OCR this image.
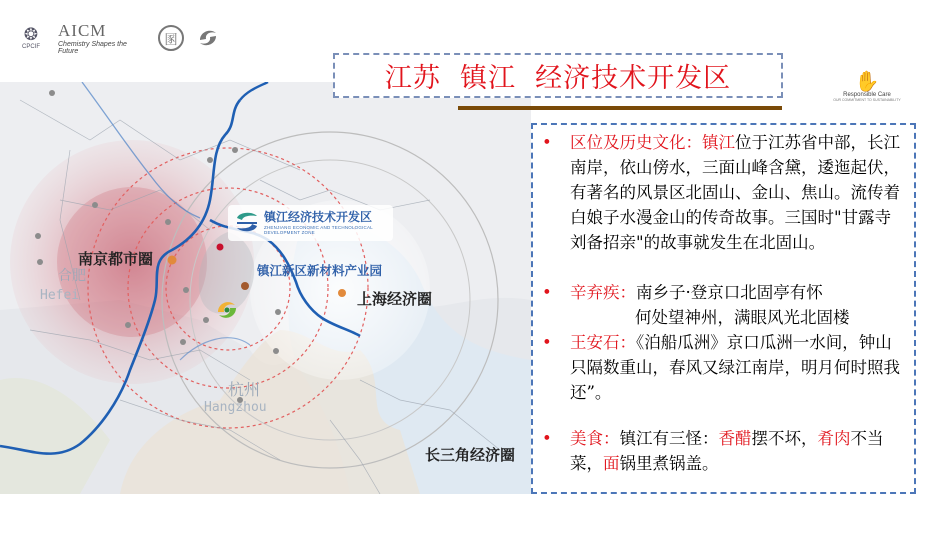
❂
CPCIF
AICM
Chemistry Shapes the Future
圂
✋
Responsible Care
OUR COMMITMENT TO SUSTAINABILITY
镇江经济技术开发区
ZHENJIANG ECONOMIC AND TECHNOLOGICAL
DEVELOPMENT ZONE
南京都市圈
合肥
Hefei
镇江新区新材料产业园
上海经济圈
杭州
Hangzhou
长三角经济圈
江苏  镇江  经济技术开发区
• 区位及历史文化：镇江位于江苏省中部，长江南岸，依山傍水，三面山峰含黛，逶迤起伏，有著名的风景区北固山、金山、焦山。流传着白娘子水漫金山的传奇故事。三国时"甘露寺刘备招亲"的故事就发生在北固山。
• 辛弃疾：南乡子·登京口北固亭有怀
何处望神州，满眼风光北固楼
• 王安石：《泊船瓜洲》京口瓜洲一水间，钟山只隔数重山，春风又绿江南岸，明月何时照我还”。
• 美食：镇江有三怪：香醋摆不坏，肴肉不当菜，面锅里煮锅盖。
